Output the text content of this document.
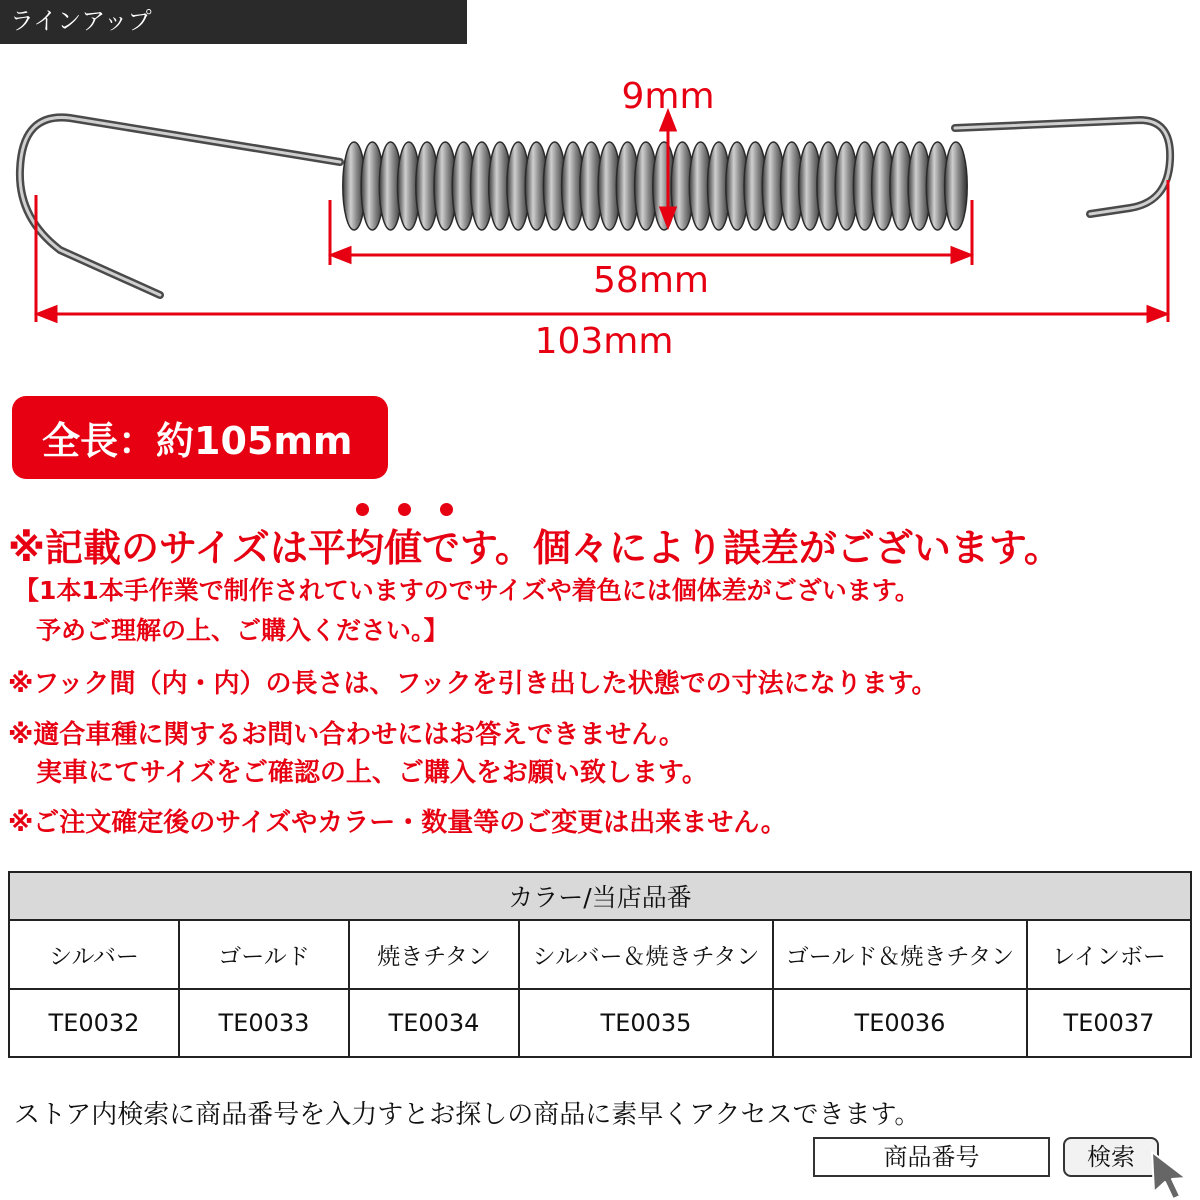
ラインアップ
9mm
58mm
103mm
全長：約105mm
※記載のサイズは平均値です。個々により誤差がございます。
【1本1本手作業で制作されていますのでサイズや着色には個体差がございます。
予めご理解の上、ご購入ください。】
※フック間（内・内）の長さは、フックを引き出した状態での寸法になります。
※適合車種に関するお問い合わせにはお答えできません。
実車にてサイズをご確認の上、ご購入をお願い致します。
※ご注文確定後のサイズやカラー・数量等のご変更は出来ません。
カラー/当店品番					
シルバー	ゴールド	焼きチタン	シルバー＆焼きチタン	ゴールド＆焼きチタン	レインボー
TE0032	TE0033	TE0034	TE0035	TE0036	TE0037
ストア内検索に商品番号を入力すとお探しの商品に素早くアクセスできます。
商品番号	検索
